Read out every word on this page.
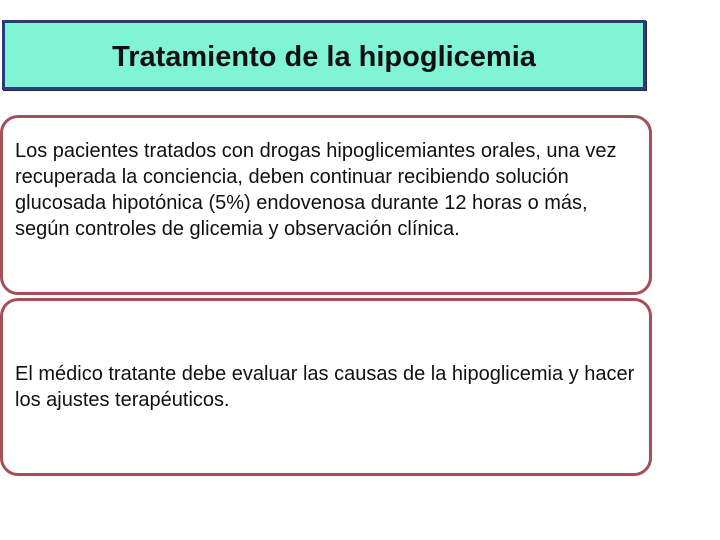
Tratamiento de la hipoglicemia
Los pacientes tratados con drogas hipoglicemiantes orales, una vez recuperada la conciencia, deben continuar recibiendo solución glucosada hipotónica (5%) endovenosa durante 12 horas o más, según controles de glicemia y observación clínica.
El médico tratante debe evaluar las causas de la hipoglicemia y hacer los ajustes terapéuticos.
